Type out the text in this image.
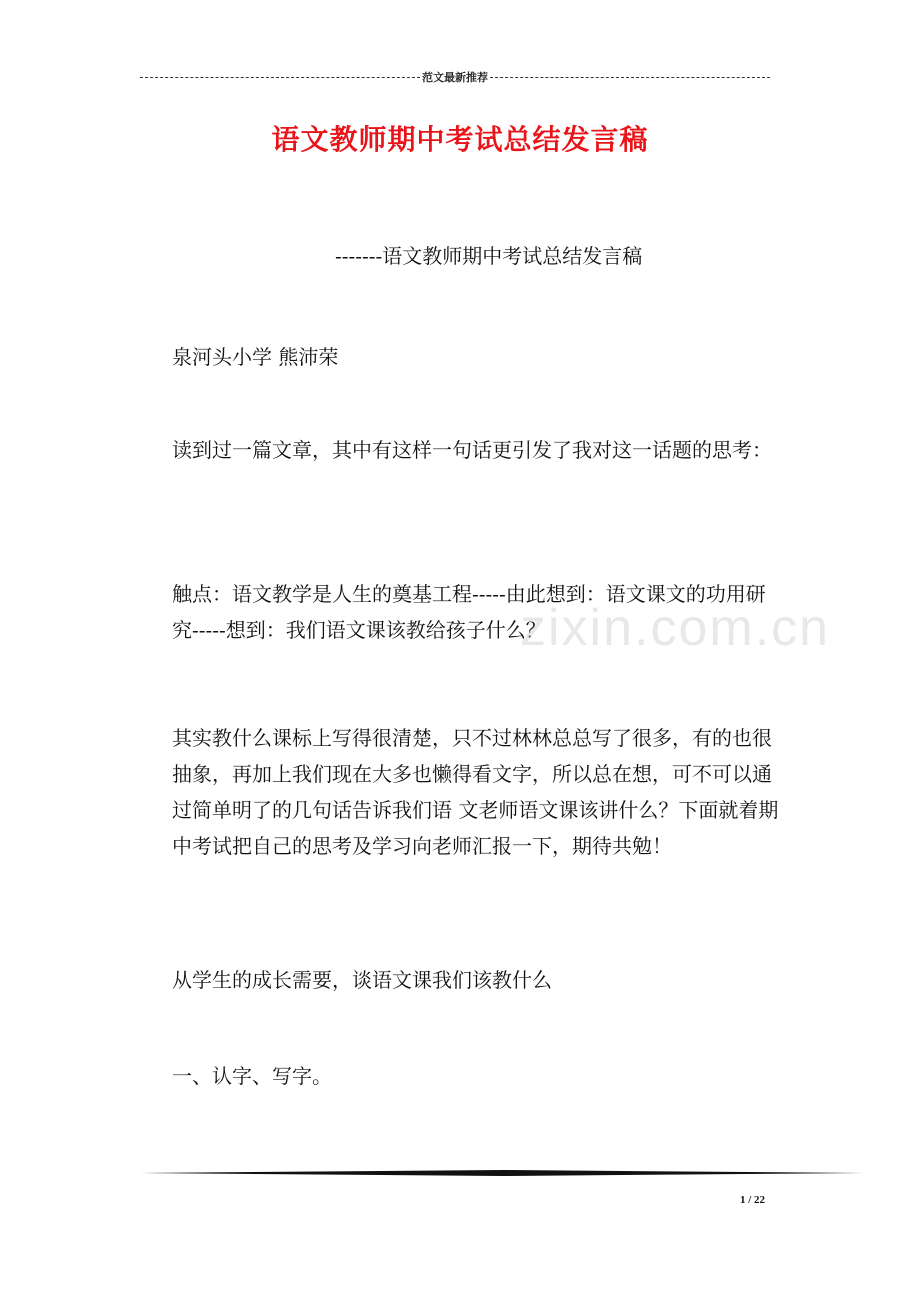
范文最新推荐
语文教师期中考试总结发言稿
-------语文教师期中考试总结发言稿
泉河头小学 熊沛荣
读到过一篇文章，其中有这样一句话更引发了我对这一话题的思考：
触点：语文教学是人生的奠基工程-----由此想到：语文课文的功用研究-----想到：我们语文课该教给孩子什么？
其实教什么课标上写得很清楚，只不过林林总总写了很多，有的也很抽象，再加上我们现在大多也懒得看文字，所以总在想，可不可以通过简单明了的几句话告诉我们语 文老师语文课该讲什么？下面就着期中考试把自己的思考及学习向老师汇报一下，期待共勉！
从学生的成长需要，谈语文课我们该教什么
一、认字、写字。
zixin.com.cn
1 / 22
